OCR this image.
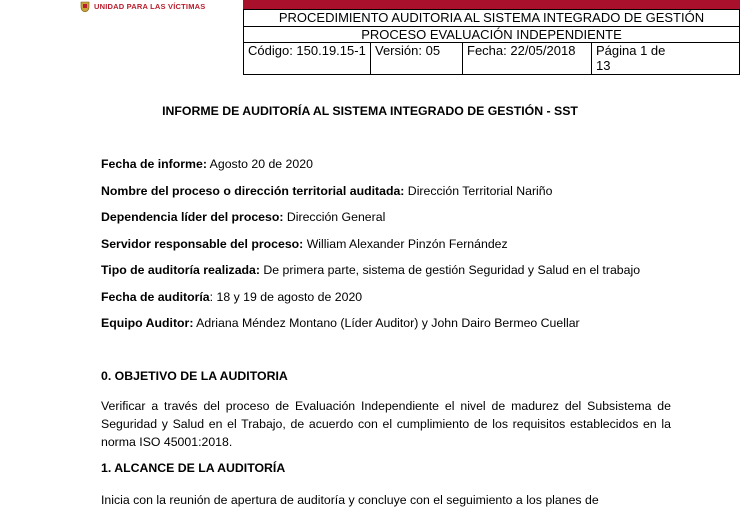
UNIDAD PARA LAS VÍCTIMAS
PROCEDIMIENTO AUDITORIA AL SISTEMA INTEGRADO DE GESTIÓN
PROCESO EVALUACIÓN INDEPENDIENTE
Código: 150.19.15-1	Versión: 05	Fecha: 22/05/2018	Página 1 de
13
INFORME DE AUDITORÍA AL SISTEMA INTEGRADO DE GESTIÓN - SST
Fecha de informe: Agosto 20 de 2020
Nombre del proceso o dirección territorial auditada: Dirección Territorial Nariño
Dependencia líder del proceso: Dirección General
Servidor responsable del proceso: William Alexander Pinzón Fernández
Tipo de auditoría realizada: De primera parte, sistema de gestión Seguridad y Salud en el trabajo
Fecha de auditoría: 18 y 19 de agosto de 2020
Equipo Auditor: Adriana Méndez Montano (Líder Auditor) y John Dairo Bermeo Cuellar
0. OBJETIVO DE LA AUDITORIA
Verificar a través del proceso de Evaluación Independiente el nivel de madurez del Subsistema de Seguridad y Salud en el Trabajo, de acuerdo con el cumplimiento de los requisitos establecidos en la norma ISO 45001:2018.
1. ALCANCE DE LA AUDITORÍA
Inicia con la reunión de apertura de auditoría y concluye con el seguimiento a los planes de
